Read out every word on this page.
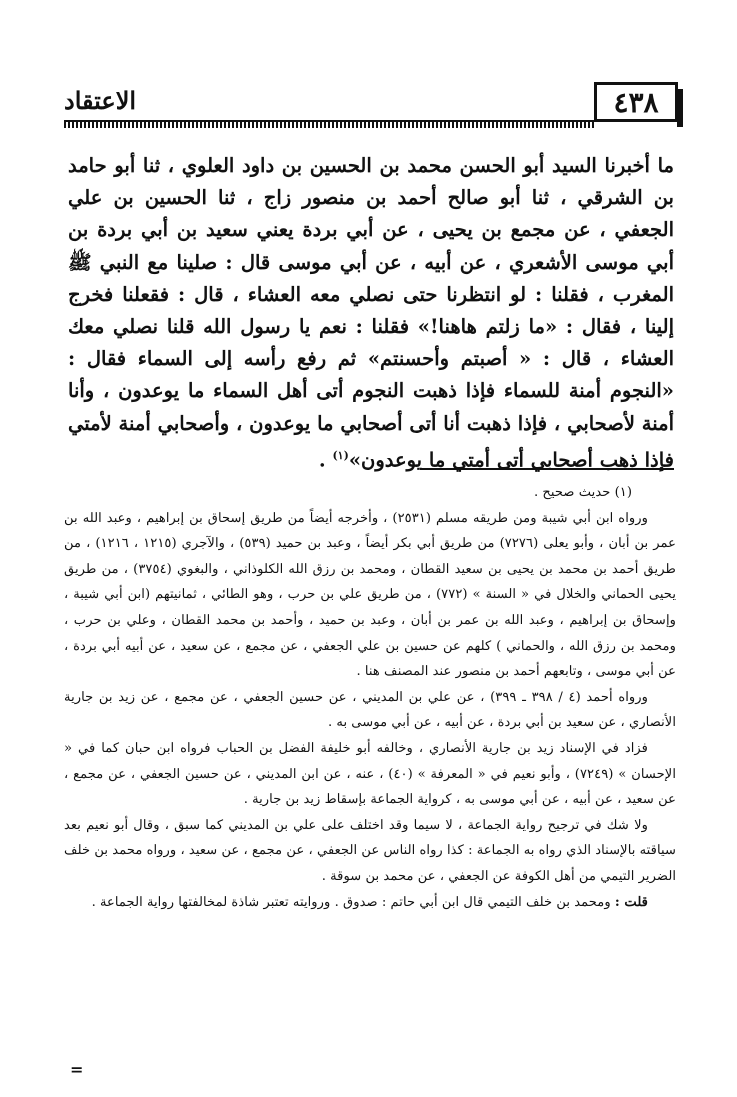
٤٣٨
الاعتقاد

ما أخبرنا السيد أبو الحسن محمد بن الحسين بن داود العلوي ، ثنا أبو حامد بن الشرقي ، ثنا أبو صالح أحمد بن منصور زاج ، ثنا الحسين بن علي الجعفي ، عن مجمع بن يحيى ، عن أبي بردة يعني سعيد بن أبي بردة بن أبي موسى الأشعري ، عن أبيه ، عن أبي موسى قال : صلينا مع النبي ﷺ المغرب ، فقلنا : لو انتظرنا حتى نصلي معه العشاء ، قال : فقعلنا فخرج إلينا ، فقال : «ما زلتم هاهنا!» فقلنا : نعم يا رسول الله قلنا نصلي معك العشاء ، قال : « أصبتم وأحسنتم» ثم رفع رأسه إلى السماء فقال : «النجوم أمنة للسماء فإذا ذهبت النجوم أتى أهل السماء ما يوعدون ، وأنا أمنة لأصحابي ، فإذا ذهبت أنا أتى أصحابي ما يوعدون ، وأصحابي أمنة لأمتي فإذا ذهب أصحابي أتى أمتي ما يوعدون»$^{(١)}$ .

(١) حديث صحيح .

ورواه ابن أبي شيبة ومن طريقه مسلم (٢٥٣١) ، وأخرجه أيضاً من طريق إسحاق بن إبراهيم ، وعبد الله بن عمر بن أبان ، وأبو يعلى (٧٢٧٦) من طريق أبي بكر أيضاً ، وعبد بن حميد (٥٣٩) ، والآجري (١٢١٥ ، ١٢١٦) ، من طريق أحمد بن محمد بن يحيى بن سعيد القطان ، ومحمد بن رزق الله الكلوذاني ، والبغوي (٣٧٥٤) ، من طريق يحيى الحماني والخلال في « السنة » (٧٧٢) ، من طريق علي بن حرب ، وهو الطائي ، ثمانيتهم (ابن أبي شيبة ، وإسحاق بن إبراهيم ، وعبد الله بن عمر بن أبان ، وعبد بن حميد ، وأحمد بن محمد القطان ، وعلي بن حرب ، ومحمد بن رزق الله ، والحماني ) كلهم عن حسين بن علي الجعفي ، عن مجمع ، عن سعيد ، عن أبيه أبي بردة ، عن أبي موسى ، وتابعهم أحمد بن منصور عند المصنف هنا .

ورواه أحمد (٤ / ٣٩٨ ـ ٣٩٩) ، عن علي بن المديني ، عن حسين الجعفي ، عن مجمع ، عن زيد بن جارية الأنصاري ، عن سعيد بن أبي بردة ، عن أبيه ، عن أبي موسى به .

فزاد في الإسناد زيد بن جارية الأنصاري ، وخالفه أبو خليفة الفضل بن الحباب فرواه ابن حبان كما في « الإحسان » (٧٢٤٩) ، وأبو نعيم في « المعرفة » (٤٠) ، عنه ، عن ابن المديني ، عن حسين الجعفي ، عن مجمع ، عن سعيد ، عن أبيه ، عن أبي موسى به ، كرواية الجماعة بإسقاط زيد بن جارية .

ولا شك في ترجيح رواية الجماعة ، لا سيما وقد اختلف على علي بن المديني كما سبق ، وقال أبو نعيم بعد سياقته بالإسناد الذي رواه به الجماعة : كذا رواه الناس عن الجعفي ، عن مجمع ، عن سعيد ، ورواه محمد بن خلف الضرير التيمي من أهل الكوفة عن الجعفي ، عن محمد بن سوقة .

قلت : ومحمد بن خلف التيمي قال ابن أبي حاتم : صدوق . وروايته تعتبر شاذة لمخالفتها رواية الجماعة .

=
